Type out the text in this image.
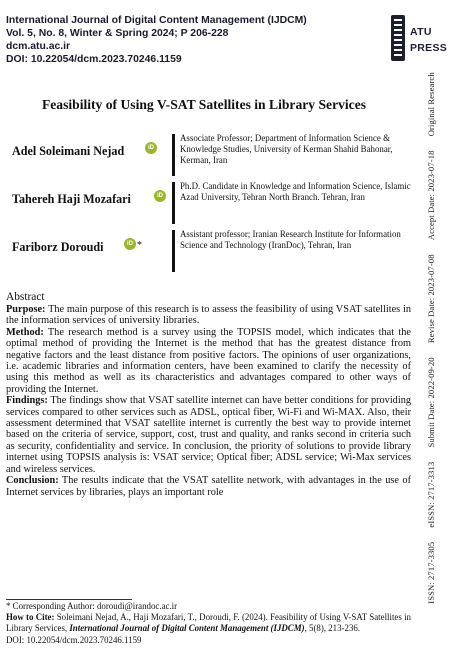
International Journal of Digital Content Management (IJDCM)
Vol. 5, No. 8, Winter & Spring 2024; P 206-228
dcm.atu.ac.ir
DOI: 10.22054/dcm.2023.70246.1159
ATU
PRESS
ISSN: 2717-3305 eISSN: 2717-3313 Submit Date: 2022-09-20 Revise Date: 2023-07-08 Accept Date: 2023-07-18 Original Research
Feasibility of Using V-SAT Satellites in Library Services
Adel Soleimani Nejad	iD
Associate Professor; Department of Information Science & Knowledge Studies, University of Kerman Shahid Bahonar, Kerman, Iran
Tahereh Haji Mozafari	iD
Ph.D. Candidate in Knowledge and Information Science, Islamic Azad University, Tehran North Branch. Tehran, Iran
Fariborz Doroudi	iD *
Assistant professor; Iranian Research Institute for Information Science and Technology (IranDoc), Tehran, Iran
Abstract

Purpose: The main purpose of this research is to assess the feasibility of using VSAT satellites in the information services of university libraries.

Method: The research method is a survey using the TOPSIS model, which indicates that the optimal method of providing the Internet is the method that has the greatest distance from negative factors and the least distance from positive factors. The opinions of user organizations, i.e. academic libraries and information centers, have been examined to clarify the necessity of using this method as well as its characteristics and advantages compared to other ways of providing the Internet.

Findings: The findings show that VSAT satellite internet can have better conditions for providing services compared to other services such as ADSL, optical fiber, Wi-Fi and Wi-MAX. Also, their assessment determined that VSAT satellite internet is currently the best way to provide internet based on the criteria of service, support, cost, trust and quality, and ranks second in criteria such as security, confidentiality and service. In conclusion, the priority of solutions to provide library internet using TOPSIS analysis is: VSAT service; Optical fiber; ADSL service; Wi-Max services and wireless services.

Conclusion: The results indicate that the VSAT satellite network, with advantages in the use of Internet services by libraries, plays an important role

* Corresponding Author: doroudi@irandoc.ac.ir
How to Cite: Soleimani Nejad, A., Haji Mozafari, T., Doroudi, F. (2024). Feasibility of Using V-SAT Satellites in Library Services, International Journal of Digital Content Management (IJDCM), 5(8), 213-236.
DOI: 10.22054/dcm.2023.70246.1159
